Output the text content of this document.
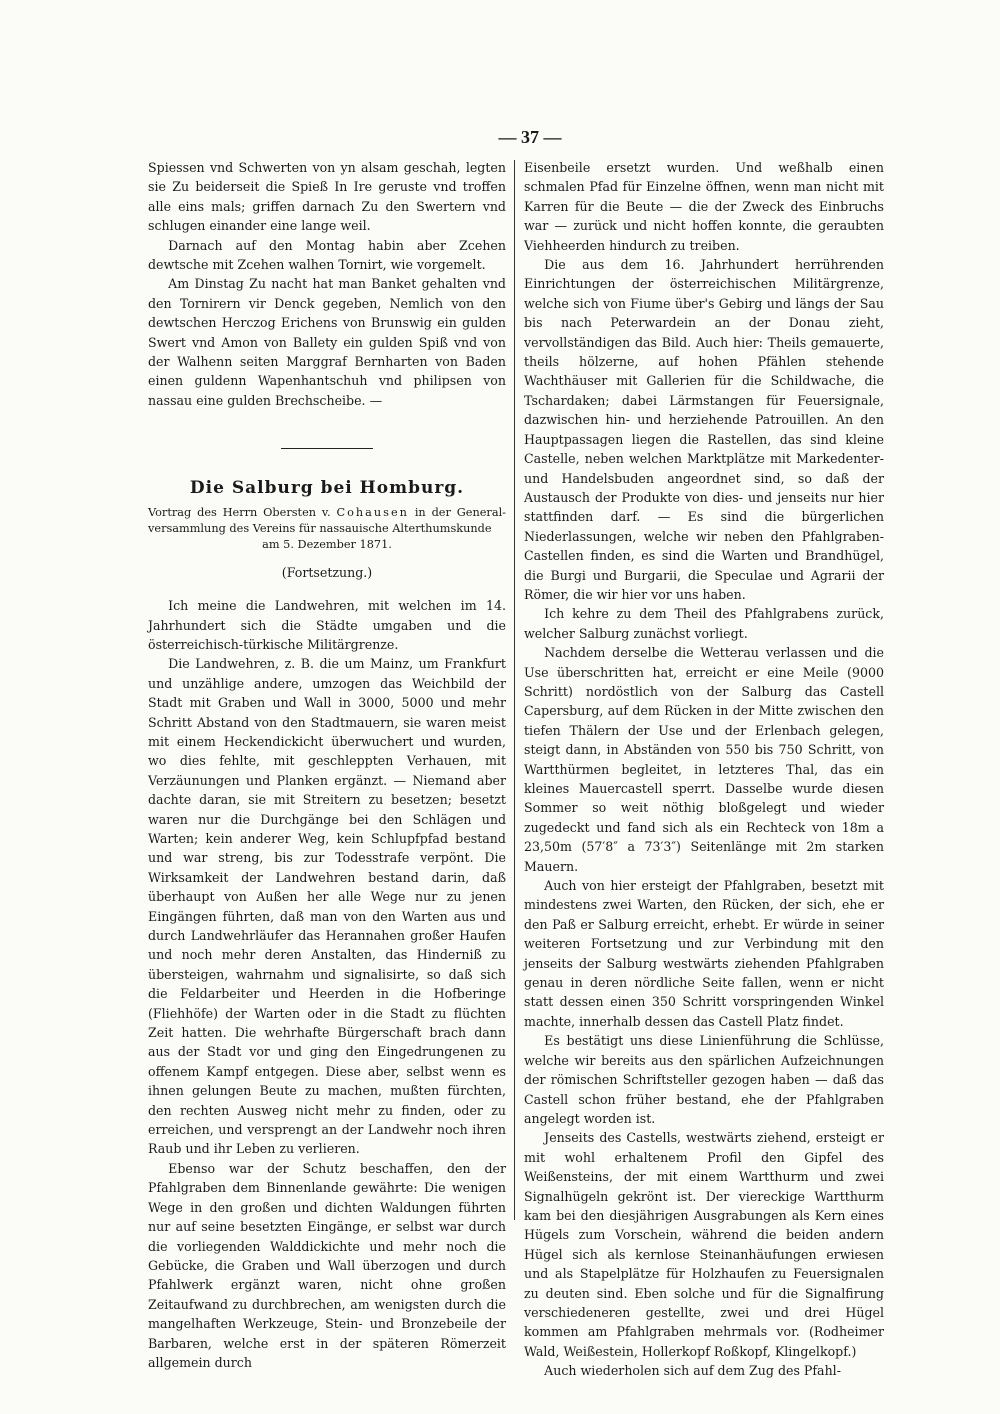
— 37 —

Spiessen vnd Schwerten von yn alsam geschah, legten sie Zu beiderseit die Spieß In Ire geruste vnd troffen alle eins mals; griffen darnach Zu den Swertern vnd schlugen einander eine lange weil.

Darnach auf den Montag habin aber Zcehen dewtsche mit Zcehen walhen Tornirt, wie vorgemelt.

Am Dinstag Zu nacht hat man Banket gehalten vnd den Tornirern vir Denck gegeben, Nemlich von den dewtschen Herczog Erichens von Brunswig ein gulden Swert vnd Amon von Ballety ein gulden Spiß vnd von der Walhenn seiten Marggraf Bernharten von Baden einen guldenn Wapenhantschuh vnd philipsen von nassau eine gulden Brechscheibe. —

Die Salburg bei Homburg.

Vortrag des Herrn Obersten v. Cohausen in der General-versammlung des Vereins für nassauische Alterthumskunde

am 5. Dezember 1871.

(Fortsetzung.)

Ich meine die Landwehren, mit welchen im 14. Jahrhundert sich die Städte umgaben und die österreichisch-türkische Militärgrenze.

Die Landwehren, z. B. die um Mainz, um Frankfurt und unzählige andere, umzogen das Weichbild der Stadt mit Graben und Wall in 3000, 5000 und mehr Schritt Abstand von den Stadtmauern, sie waren meist mit einem Heckendickicht überwuchert und wurden, wo dies fehlte, mit geschleppten Verhauen, mit Verzäunungen und Planken ergänzt. — Niemand aber dachte daran, sie mit Streitern zu besetzen; besetzt waren nur die Durchgänge bei den Schlägen und Warten; kein anderer Weg, kein Schlupfpfad bestand und war streng, bis zur Todesstrafe verpönt. Die Wirksamkeit der Landwehren bestand darin, daß überhaupt von Außen her alle Wege nur zu jenen Eingängen führten, daß man von den Warten aus und durch Landwehrläufer das Herannahen großer Haufen und noch mehr deren Anstalten, das Hinderniß zu übersteigen, wahrnahm und signalisirte, so daß sich die Feldarbeiter und Heerden in die Hofberinge (Fliehhöfe) der Warten oder in die Stadt zu flüchten Zeit hatten. Die wehrhafte Bürgerschaft brach dann aus der Stadt vor und ging den Eingedrungenen zu offenem Kampf entgegen. Diese aber, selbst wenn es ihnen gelungen Beute zu machen, mußten fürchten, den rechten Ausweg nicht mehr zu finden, oder zu erreichen, und versprengt an der Landwehr noch ihren Raub und ihr Leben zu verlieren.

Ebenso war der Schutz beschaffen, den der Pfahlgraben dem Binnenlande gewährte: Die wenigen Wege in den großen und dichten Waldungen führten nur auf seine besetzten Eingänge, er selbst war durch die vorliegenden Walddickichte und mehr noch die Gebücke, die Graben und Wall überzogen und durch Pfahlwerk ergänzt waren, nicht ohne großen Zeitaufwand zu durchbrechen, am wenigsten durch die mangelhaften Werkzeuge, Stein- und Bronzebeile der Barbaren, welche erst in der späteren Römerzeit allgemein durch

Eisenbeile ersetzt wurden. Und weßhalb einen schmalen Pfad für Einzelne öffnen, wenn man nicht mit Karren für die Beute — die der Zweck des Einbruchs war — zurück und nicht hoffen konnte, die geraubten Viehheerden hindurch zu treiben.

Die aus dem 16. Jahrhundert herrührenden Einrichtungen der österreichischen Militärgrenze, welche sich von Fiume über's Gebirg und längs der Sau bis nach Peterwardein an der Donau zieht, vervollständigen das Bild. Auch hier: Theils gemauerte, theils hölzerne, auf hohen Pfählen stehende Wachthäuser mit Gallerien für die Schildwache, die Tschardaken; dabei Lärmstangen für Feuersignale, dazwischen hin- und herziehende Patrouillen. An den Hauptpassagen liegen die Rastellen, das sind kleine Castelle, neben welchen Marktplätze mit Markedenter- und Handelsbuden angeordnet sind, so daß der Austausch der Produkte von dies- und jenseits nur hier stattfinden darf. — Es sind die bürgerlichen Niederlassungen, welche wir neben den Pfahlgraben-Castellen finden, es sind die Warten und Brandhügel, die Burgi und Burgarii, die Speculae und Agrarii der Römer, die wir hier vor uns haben.

Ich kehre zu dem Theil des Pfahlgrabens zurück, welcher Salburg zunächst vorliegt.

Nachdem derselbe die Wetterau verlassen und die Use überschritten hat, erreicht er eine Meile (9000 Schritt) nordöstlich von der Salburg das Castell Capersburg, auf dem Rücken in der Mitte zwischen den tiefen Thälern der Use und der Erlenbach gelegen, steigt dann, in Abständen von 550 bis 750 Schritt, von Wartthürmen begleitet, in letzteres Thal, das ein kleines Mauercastell sperrt. Dasselbe wurde diesen Sommer so weit nöthig bloßgelegt und wieder zugedeckt und fand sich als ein Rechteck von 18m a 23,50m (57′8″ a 73′3″) Seitenlänge mit 2m starken Mauern.

Auch von hier ersteigt der Pfahlgraben, besetzt mit mindestens zwei Warten, den Rücken, der sich, ehe er den Paß er Salburg erreicht, erhebt. Er würde in seiner weiteren Fortsetzung und zur Verbindung mit den jenseits der Salburg westwärts ziehenden Pfahlgraben genau in deren nördliche Seite fallen, wenn er nicht statt dessen einen 350 Schritt vorspringenden Winkel machte, innerhalb dessen das Castell Platz findet.

Es bestätigt uns diese Linienführung die Schlüsse, welche wir bereits aus den spärlichen Aufzeichnungen der römischen Schriftsteller gezogen haben — daß das Castell schon früher bestand, ehe der Pfahlgraben angelegt worden ist.

Jenseits des Castells, westwärts ziehend, ersteigt er mit wohl erhaltenem Profil den Gipfel des Weißensteins, der mit einem Wartthurm und zwei Signalhügeln gekrönt ist. Der viereckige Wartthurm kam bei den diesjährigen Ausgrabungen als Kern eines Hügels zum Vorschein, während die beiden andern Hügel sich als kernlose Steinanhäufungen erwiesen und als Stapelplätze für Holzhaufen zu Feuersignalen zu deuten sind. Eben solche und für die Signalfirung verschiedeneren gestellte, zwei und drei Hügel kommen am Pfahlgraben mehrmals vor. (Rodheimer Wald, Weißestein, Hollerkopf Roßkopf, Klingelkopf.)

Auch wiederholen sich auf dem Zug des Pfahl-
